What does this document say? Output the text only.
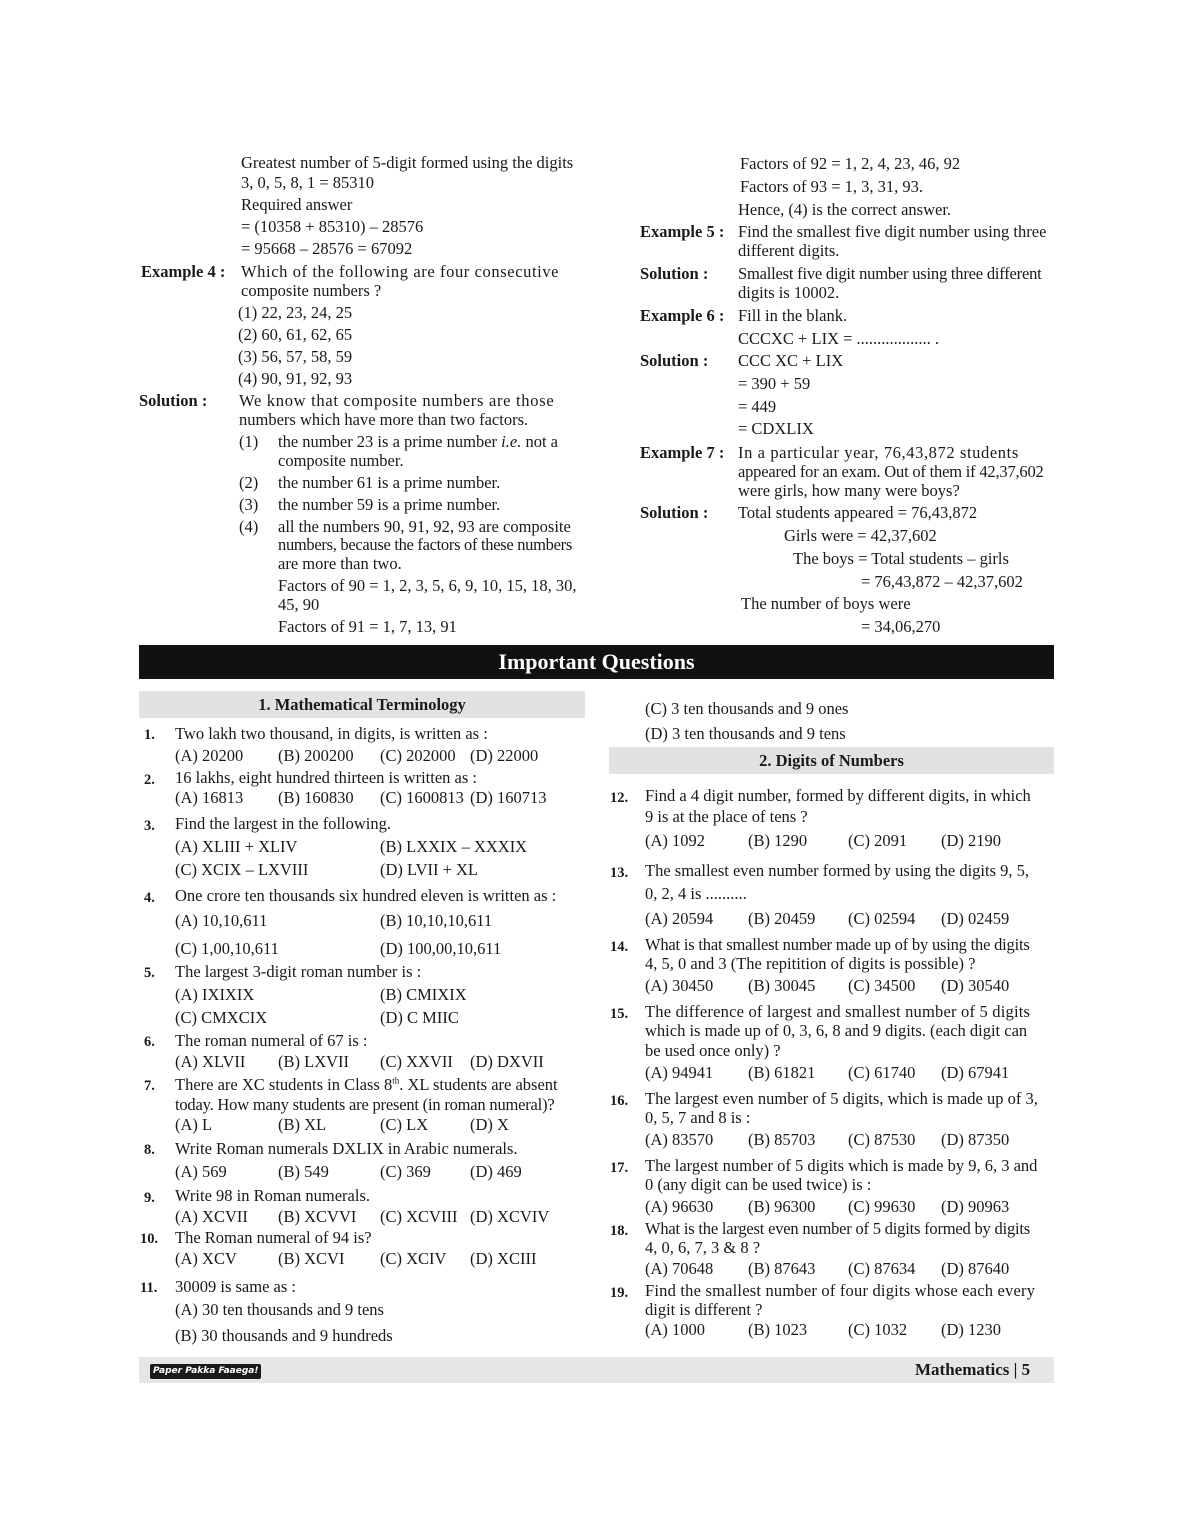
Greatest number of 5-digit formed using the digits
3, 0, 5, 8, 1 = 85310
Required answer
= (10358 + 85310) – 28576
= 95668 – 28576 = 67092
Example 4 : Which of the following are four consecutive
composite numbers ?
(1) 22, 23, 24, 25
(2) 60, 61, 62, 65
(3) 56, 57, 58, 59
(4) 90, 91, 92, 93
Solution : We know that composite numbers are those
numbers which have more than two factors.
(1) the number 23 is a prime number i.e. not a
composite number.
(2) the number 61 is a prime number.
(3) the number 59 is a prime number.
(4) all the numbers 90, 91, 92, 93 are composite
numbers, because the factors of these numbers
are more than two.
Factors of 90 = 1, 2, 3, 5, 6, 9, 10, 15, 18, 30,
45, 90
Factors of 91 = 1, 7, 13, 91
Factors of 92 = 1, 2, 4, 23, 46, 92
Factors of 93 = 1, 3, 31, 93.
Hence, (4) is the correct answer.
Example 5 : Find the smallest five digit number using three
different digits.
Solution : Smallest five digit number using three different
digits is 10002.
Example 6 : Fill in the blank.
CCCXC + LIX = .................. .
Solution : CCC XC + LIX
= 390 + 59
= 449
= CDXLIX
Example 7 : In a particular year, 76,43,872 students
appeared for an exam. Out of them if 42,37,602
were girls, how many were boys?
Solution : Total students appeared = 76,43,872
Girls were = 42,37,602
The boys = Total students – girls
= 76,43,872 – 42,37,602
The number of boys were
= 34,06,270
Important Questions
1. Mathematical Terminology
2. Digits of Numbers
1. Two lakh two thousand, in digits, is written as :
(A) 20200 (B) 200200 (C) 202000 (D) 22000
2. 16 lakhs, eight hundred thirteen is written as :
(A) 16813 (B) 160830 (C) 1600813 (D) 160713
3. Find the largest in the following.
(A) XLIII + XLIV	(B) LXXIX – XXXIX
(C) XCIX – LXVIII	(D) LVII + XL
4. One crore ten thousands six hundred eleven is written as :
(A) 10,10,611	(B) 10,10,10,611
(C) 1,00,10,611	(D) 100,00,10,611
5. The largest 3-digit roman number is :
(A) IXIXIX	(B) CMIXIX
(C) CMXCIX	(D) C MIIC
6. The roman numeral of 67 is :
(A) XLVII (B) LXVII (C) XXVII (D) DXVII
7. There are XC students in Class 8th. XL students are absent
today. How many students are present (in roman numeral)?
(A) L	(B) XL	(C) LX	(D) X
8. Write Roman numerals DXLIX in Arabic numerals.
(A) 569	(B) 549	(C) 369 (D) 469
9. Write 98 in Roman numerals.
(A) XCVII (B) XCVVI (C) XCVIII (D) XCVIV
10. The Roman numeral of 94 is?
(A) XCV (B) XCVI (C) XCIV (D) XCIII
11. 30009 is same as :
(A) 30 ten thousands and 9 tens
(B) 30 thousands and 9 hundreds
(C) 3 ten thousands and 9 ones
(D) 3 ten thousands and 9 tens
12. Find a 4 digit number, formed by different digits, in which
9 is at the place of tens ?
(A) 1092	(B) 1290 (C) 2091 (D) 2190
13. The smallest even number formed by using the digits 9, 5,
0, 2, 4 is ..........
(A) 20594 (B) 20459 (C) 02594 (D) 02459
14. What is that smallest number made up of by using the digits
4, 5, 0 and 3 (The repitition of digits is possible) ?
(A) 30450 (B) 30045 (C) 34500 (D) 30540
15. The difference of largest and smallest number of 5 digits
which is made up of 0, 3, 6, 8 and 9 digits. (each digit can
be used once only) ?
(A) 94941 (B) 61821 (C) 61740 (D) 67941
16. The largest even number of 5 digits, which is made up of 3,
0, 5, 7 and 8 is :
(A) 83570 (B) 85703 (C) 87530 (D) 87350
17. The largest number of 5 digits which is made by 9, 6, 3 and
0 (any digit can be used twice) is :
(A) 96630 (B) 96300 (C) 99630 (D) 90963
18. What is the largest even number of 5 digits formed by digits
4, 0, 6, 7, 3 & 8 ?
(A) 70648 (B) 87643 (C) 87634 (D) 87640
19. Find the smallest number of four digits whose each every
digit is different ?
(A) 1000	(B) 1023 (C) 1032 (D) 1230
Paper Pakka Faaega!	Mathematics | 5
